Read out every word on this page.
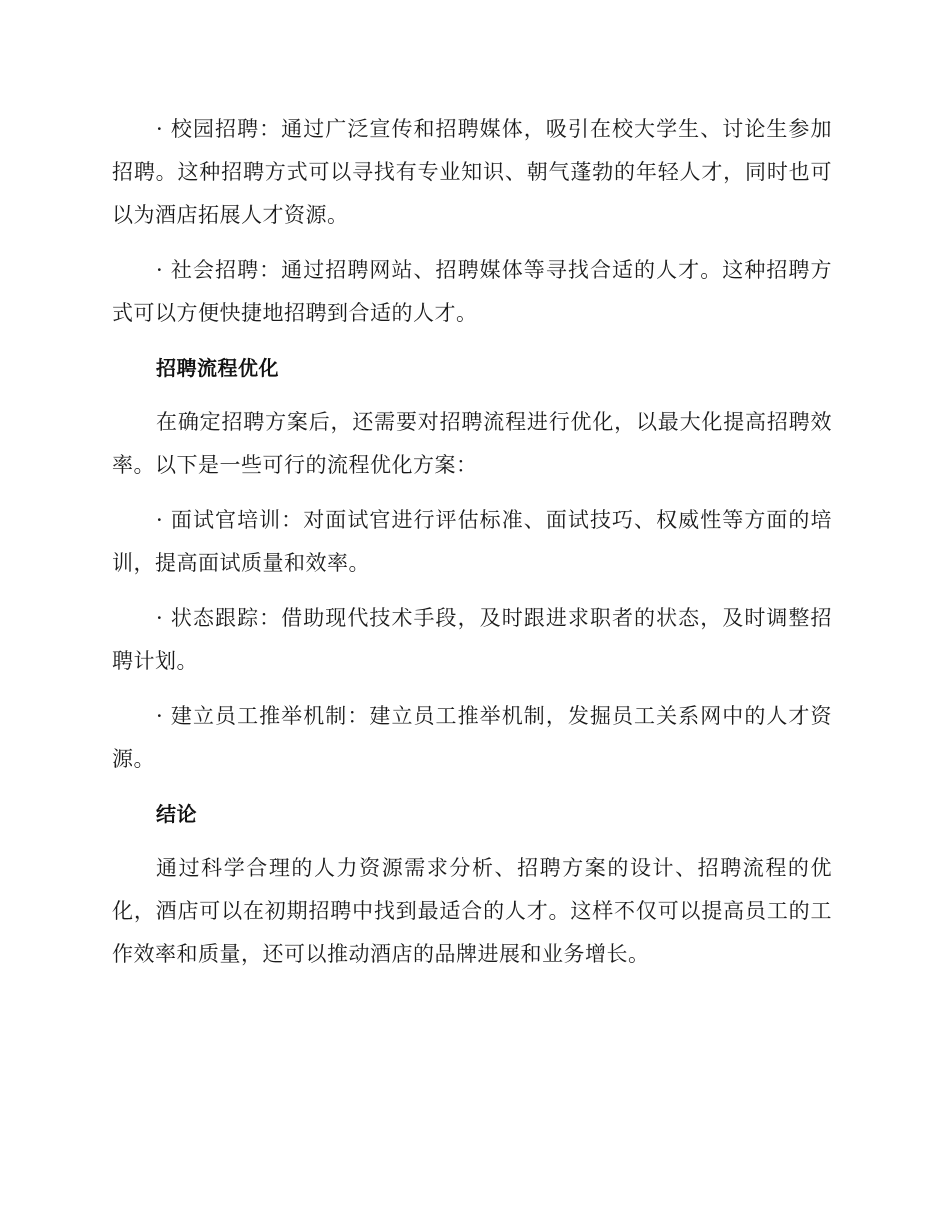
· 校园招聘：通过广泛宣传和招聘媒体，吸引在校大学生、讨论生参加招聘。这种招聘方式可以寻找有专业知识、朝气蓬勃的年轻人才，同时也可以为酒店拓展人才资源。

· 社会招聘：通过招聘网站、招聘媒体等寻找合适的人才。这种招聘方式可以方便快捷地招聘到合适的人才。

招聘流程优化

在确定招聘方案后，还需要对招聘流程进行优化，以最大化提高招聘效率。以下是一些可行的流程优化方案：

· 面试官培训：对面试官进行评估标准、面试技巧、权威性等方面的培训，提高面试质量和效率。

· 状态跟踪：借助现代技术手段，及时跟进求职者的状态，及时调整招聘计划。

· 建立员工推举机制：建立员工推举机制，发掘员工关系网中的人才资源。

结论

通过科学合理的人力资源需求分析、招聘方案的设计、招聘流程的优化，酒店可以在初期招聘中找到最适合的人才。这样不仅可以提高员工的工作效率和质量，还可以推动酒店的品牌进展和业务增长。
